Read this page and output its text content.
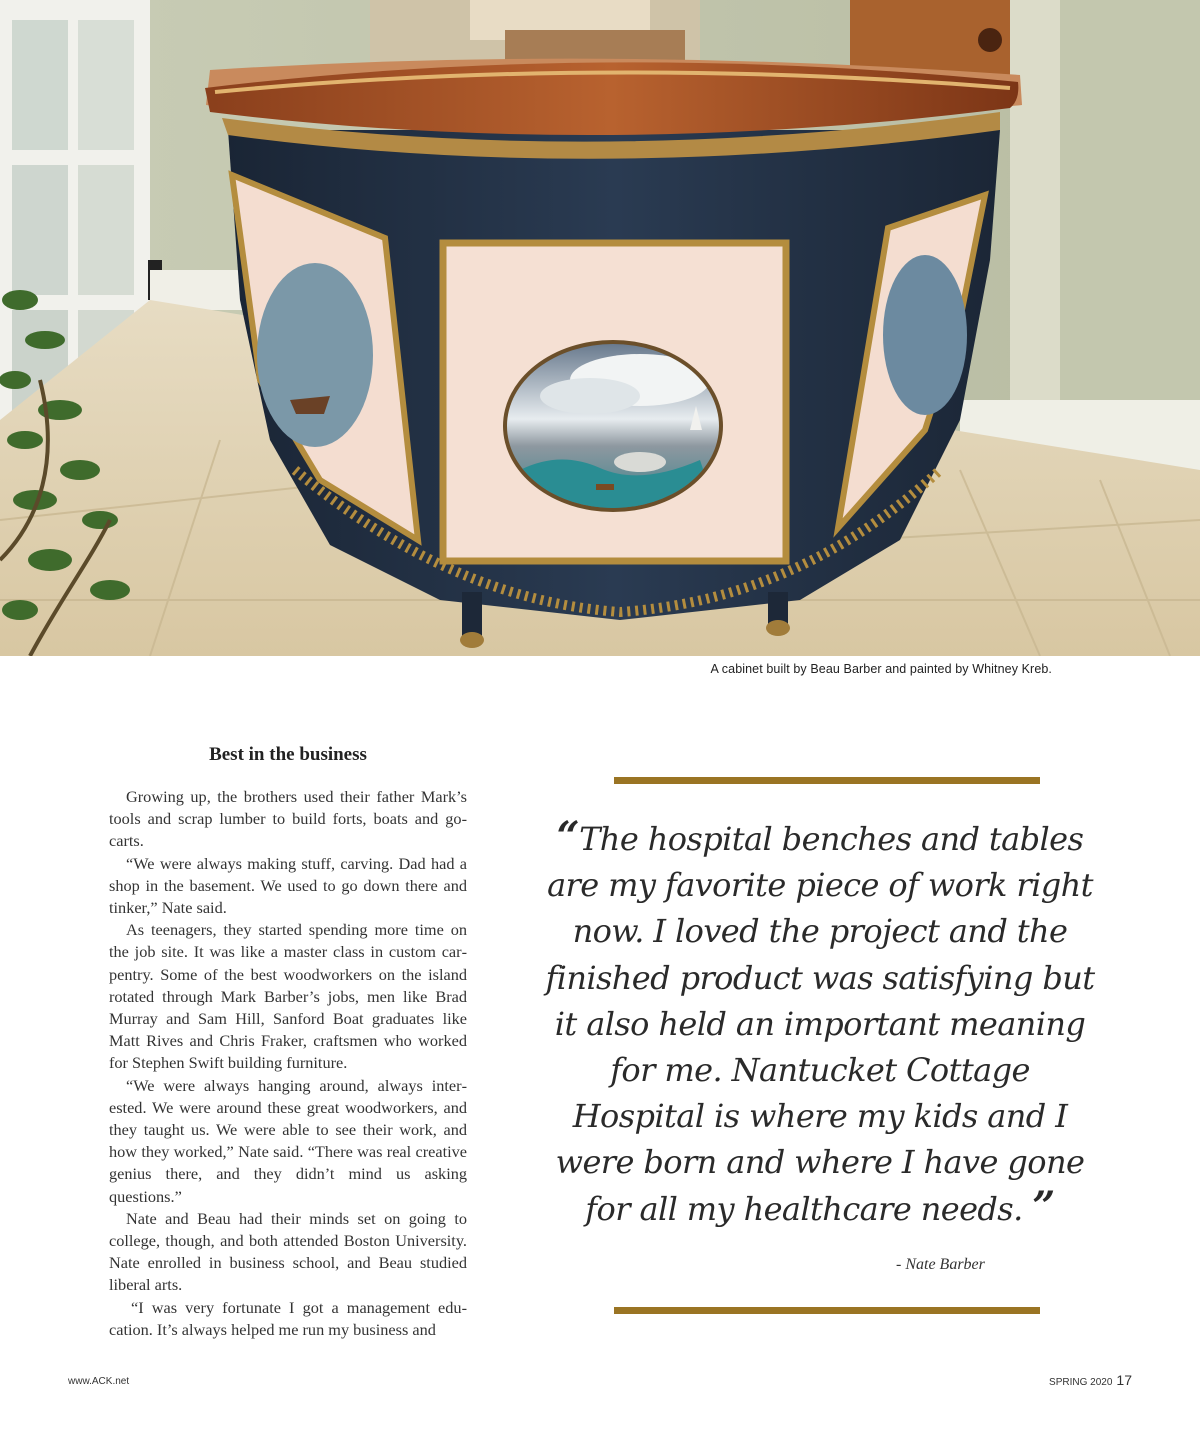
A cabinet built by Beau Barber and painted by Whitney Kreb.
Best in the business

Growing up, the brothers used their father Mark’s tools and scrap lumber to build forts, boats and go-carts.

“We were always making stuff, carving. Dad had a shop in the basement. We used to go down there and tinker,” Nate said.

As teenagers, they started spending more time on the job site. It was like a master class in custom carpentry. Some of the best woodworkers on the island rotated through Mark Barber’s jobs, men like Brad Murray and Sam Hill, Sanford Boat graduates like Matt Rives and Chris Fraker, craftsmen who worked for Stephen Swift building furniture.

“We were always hanging around, always interested. We were around these great woodworkers, and they taught us. We were able to see their work, and how they worked,” Nate said. “There was real creative genius there, and they didn’t mind us asking questions.”

Nate and Beau had their minds set on going to college, though, and both attended Boston University. Nate enrolled in business school, and Beau studied liberal arts.

“I was very fortunate I got a management education. It’s always helped me run my business and

“The hospital benches and tables are my favorite piece of work right now. I loved the project and the finished product was satisfying but it also held an important meaning for me. Nantucket Cottage Hospital is where my kids and I were born and where I have gone for all my healthcare needs. ”
- Nate Barber
www.ACK.net	SPRING 2020 17
